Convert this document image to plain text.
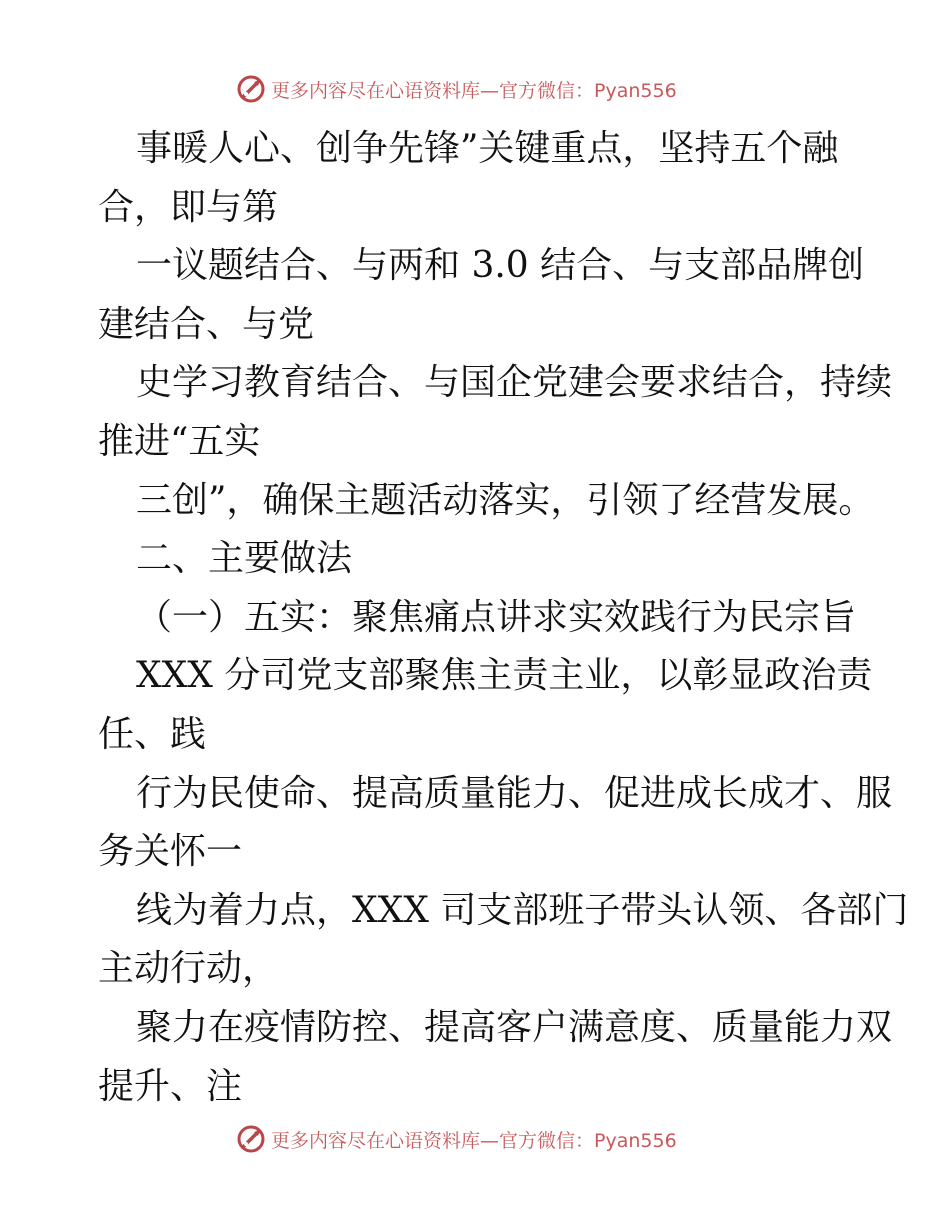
更多内容尽在心语资料库—官方微信：Pyan556

事暖人心、创争先锋”关键重点，坚持五个融

合，即与第

一议题结合、与两和 3.0 结合、与支部品牌创

建结合、与党

史学习教育结合、与国企党建会要求结合，持续

推进“五实

三创”，确保主题活动落实，引领了经营发展。

二、主要做法

（一）五实：聚焦痛点讲求实效践行为民宗旨

XXX 分司党支部聚焦主责主业，以彰显政治责

任、践

行为民使命、提高质量能力、促进成长成才、服

务关怀一

线为着力点，XXX 司支部班子带头认领、各部门

主动行动，

聚力在疫情防控、提高客户满意度、质量能力双

提升、注

更多内容尽在心语资料库—官方微信：Pyan556
